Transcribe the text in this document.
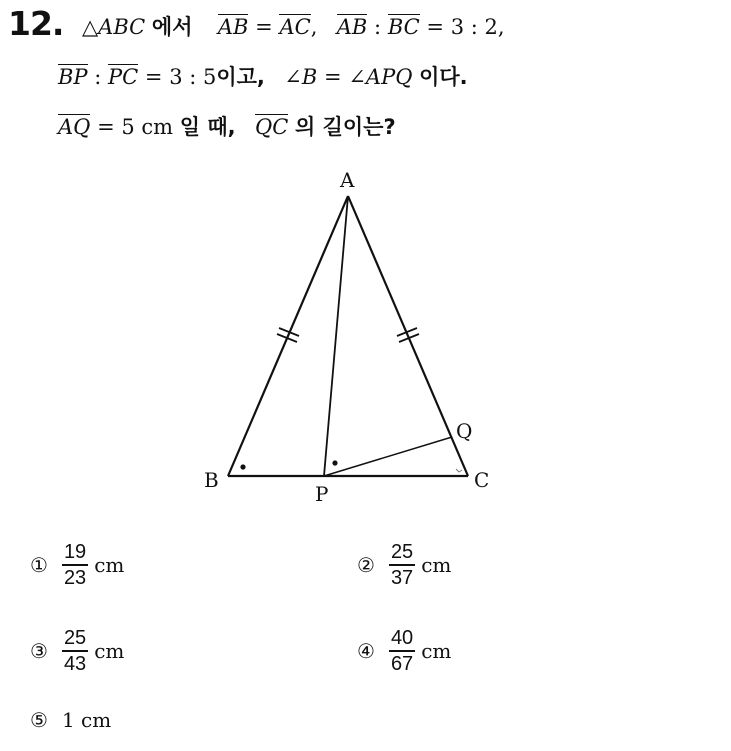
12. △ABC 에서 AB = AC, AB : BC = 3 : 2,
BP : PC = 3 : 5이고, ∠B = ∠APQ 이다.
AQ = 5 cm 일 때, QC 의 길이는?
A
B	C
P
Q
① $\frac{19}{23}$ cm	② $\frac{25}{37}$ cm
③ $\frac{25}{43}$ cm	④ $\frac{40}{67}$ cm
⑤ 1 cm
